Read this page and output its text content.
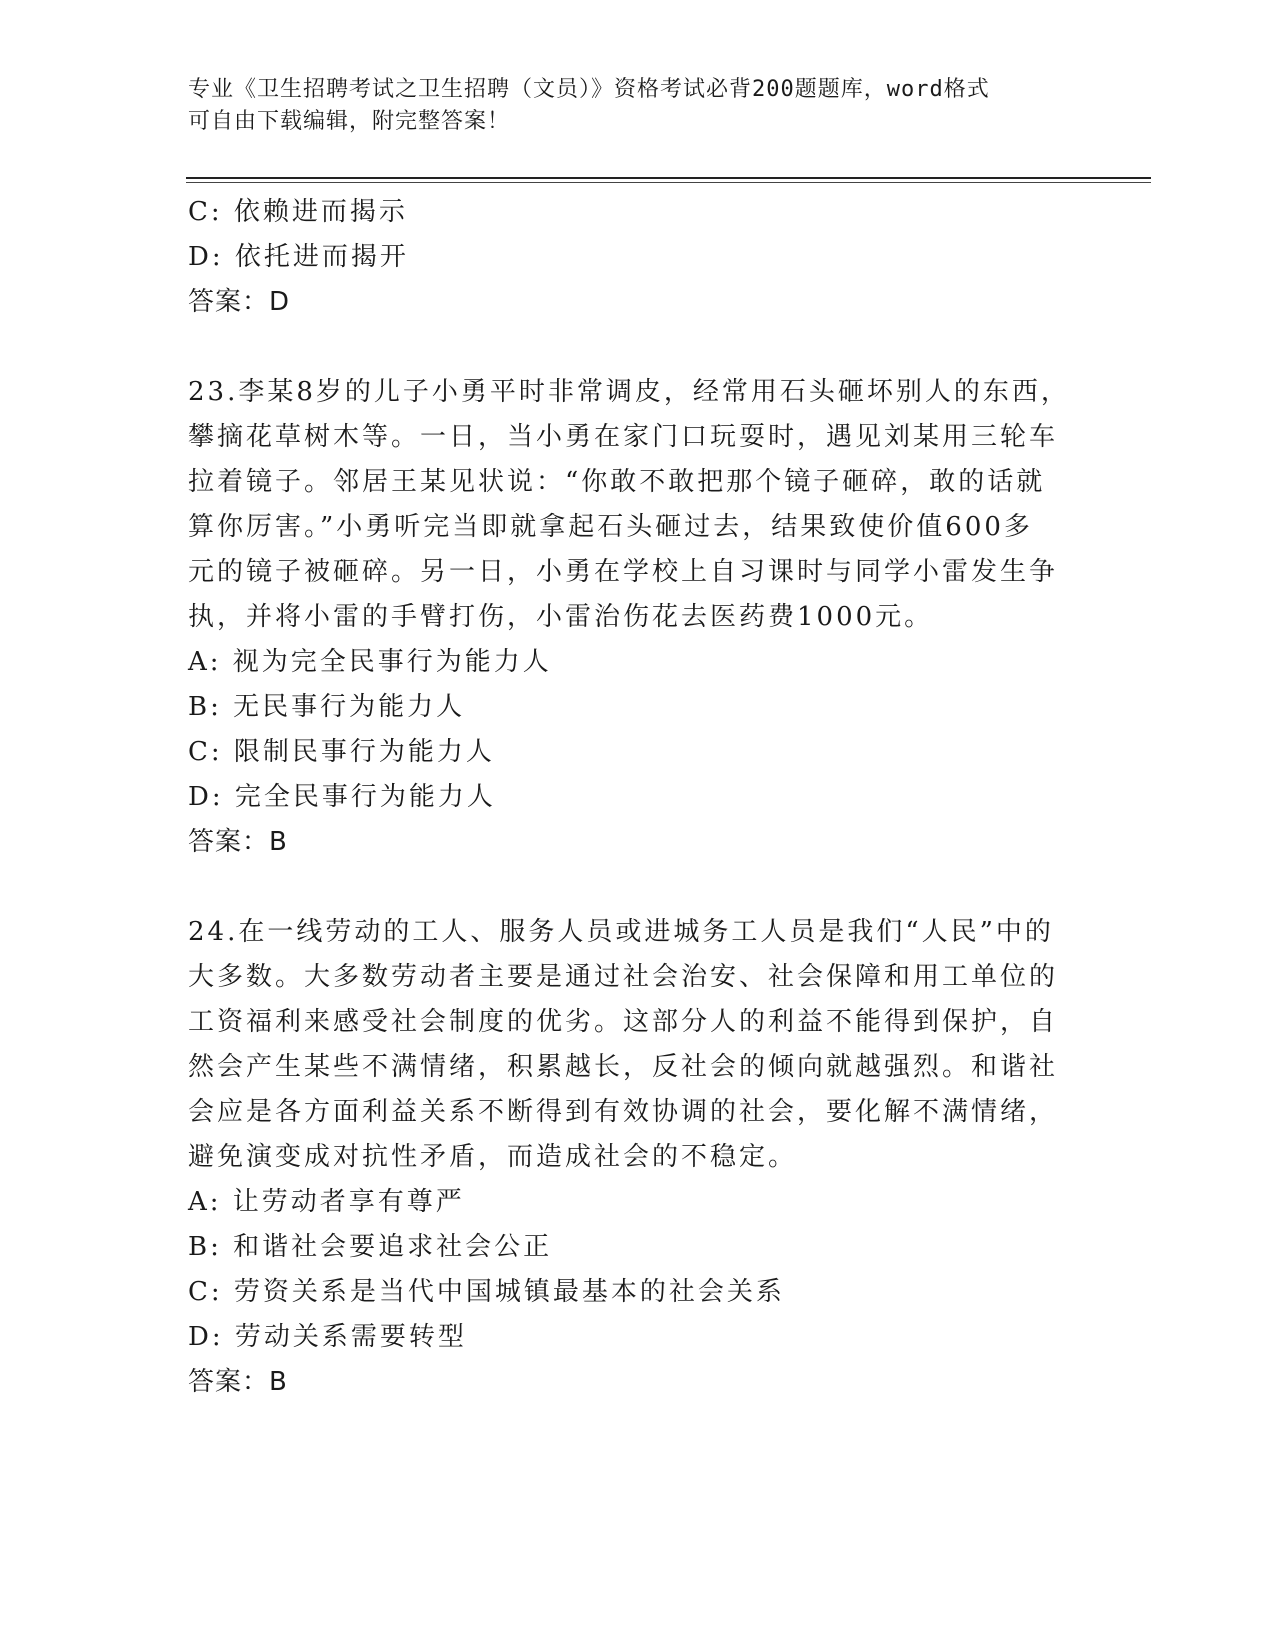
专业《卫生招聘考试之卫生招聘（文员）》资格考试必背200题题库，word格式
可自由下载编辑，附完整答案！
C: 依赖进而揭示
D: 依托进而揭开
答案：D
23.李某8岁的儿子小勇平时非常调皮，经常用石头砸坏别人的东西，
攀摘花草树木等。一日，当小勇在家门口玩耍时，遇见刘某用三轮车
拉着镜子。邻居王某见状说：“你敢不敢把那个镜子砸碎，敢的话就
算你厉害。”小勇听完当即就拿起石头砸过去，结果致使价值600多
元的镜子被砸碎。另一日，小勇在学校上自习课时与同学小雷发生争
执，并将小雷的手臂打伤，小雷治伤花去医药费1000元。
A: 视为完全民事行为能力人
B: 无民事行为能力人
C: 限制民事行为能力人
D: 完全民事行为能力人
答案：B
24.在一线劳动的工人、服务人员或进城务工人员是我们“人民”中的
大多数。大多数劳动者主要是通过社会治安、社会保障和用工单位的
工资福利来感受社会制度的优劣。这部分人的利益不能得到保护，自
然会产生某些不满情绪，积累越长，反社会的倾向就越强烈。和谐社
会应是各方面利益关系不断得到有效协调的社会，要化解不满情绪，
避免演变成对抗性矛盾，而造成社会的不稳定。
A: 让劳动者享有尊严
B: 和谐社会要追求社会公正
C: 劳资关系是当代中国城镇最基本的社会关系
D: 劳动关系需要转型
答案：B
